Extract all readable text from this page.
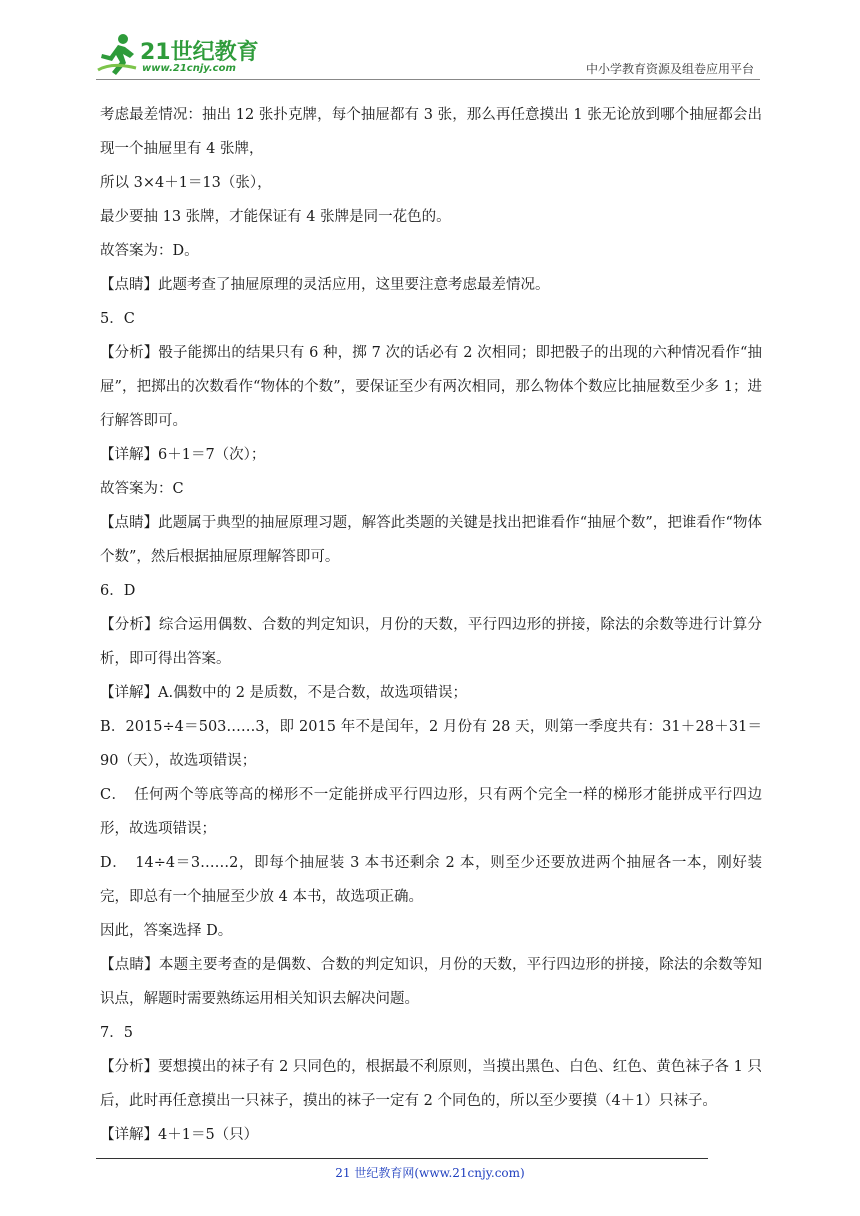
21世纪教育
www.21cnjy.com	中小学教育资源及组卷应用平台
考虑最差情况：抽出 12 张扑克牌，每个抽屉都有 3 张，那么再任意摸出 1 张无论放到哪个抽屉都会出现一个抽屉里有 4 张牌，
所以 3×4＋1＝13（张），
最少要抽 13 张牌，才能保证有 4 张牌是同一花色的。
故答案为：D。
【点睛】此题考查了抽屉原理的灵活应用，这里要注意考虑最差情况。
5．C
【分析】骰子能掷出的结果只有 6 种，掷 7 次的话必有 2 次相同；即把骰子的出现的六种情况看作“抽屉”，把掷出的次数看作“物体的个数”，要保证至少有两次相同，那么物体个数应比抽屉数至少多 1；进行解答即可。
【详解】6＋1＝7（次）；
故答案为：C
【点睛】此题属于典型的抽屉原理习题，解答此类题的关键是找出把谁看作“抽屉个数”，把谁看作“物体个数”，然后根据抽屉原理解答即可。
6．D
【分析】综合运用偶数、合数的判定知识，月份的天数，平行四边形的拼接，除法的余数等进行计算分析，即可得出答案。
【详解】A.偶数中的 2 是质数，不是合数，故选项错误；
B．2015÷4＝503……3，即 2015 年不是闰年，2 月份有 28 天，则第一季度共有：31＋28＋31＝90（天），故选项错误；
C．　任何两个等底等高的梯形不一定能拼成平行四边形，只有两个完全一样的梯形才能拼成平行四边形，故选项错误；
D．　14÷4＝3……2，即每个抽屉装 3 本书还剩余 2 本，则至少还要放进两个抽屉各一本，刚好装完，即总有一个抽屉至少放 4 本书，故选项正确。
因此，答案选择 D。
【点睛】本题主要考查的是偶数、合数的判定知识，月份的天数，平行四边形的拼接，除法的余数等知识点，解题时需要熟练运用相关知识去解决问题。
7．5
【分析】要想摸出的袜子有 2 只同色的，根据最不利原则，当摸出黑色、白色、红色、黄色袜子各 1 只后，此时再任意摸出一只袜子，摸出的袜子一定有 2 个同色的，所以至少要摸（4＋1）只袜子。
【详解】4＋1＝5（只）
21 世纪教育网(www.21cnjy.com)
